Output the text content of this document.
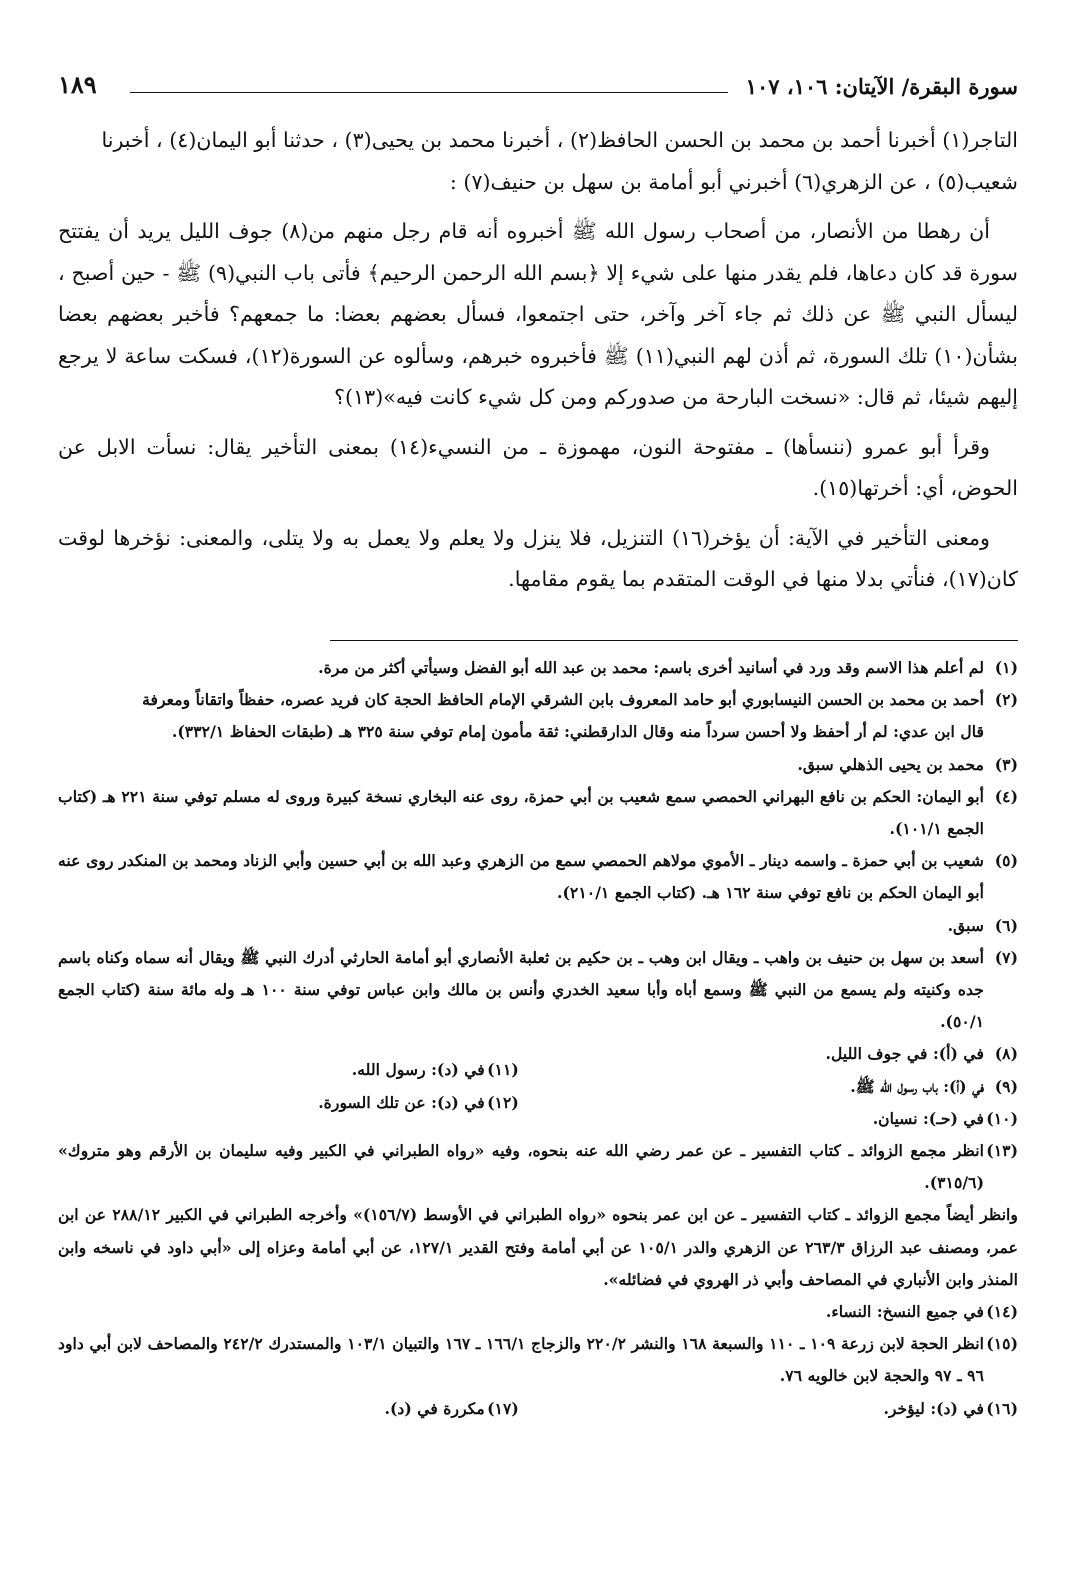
١٨٩	سورة البقرة/ الآيتان: ١٠٦، ١٠٧

التاجر(١) أخبرنا أحمد بن محمد بن الحسن الحافظ(٢) ، أخبرنا محمد بن يحيى(٣) ، حدثنا أبو اليمان(٤) ، أخبرنا
شعيب(٥) ، عن الزهري(٦) أخبرني أبو أمامة بن سهل بن حنيف(٧) :

أن رهطا من الأنصار، من أصحاب رسول الله ﷺ أخبروه أنه قام رجل منهم من(٨) جوف الليل يريد أن يفتتح سورة قد كان دعاها، فلم يقدر منها على شيء إلا ﴿بسم الله الرحمن الرحيم﴾ فأتى باب النبي(٩) ﷺ - حين أصبح ، ليسأل النبي ﷺ عن ذلك ثم جاء آخر وآخر، حتى اجتمعوا، فسأل بعضهم بعضا: ما جمعهم؟ فأخبر بعضهم بعضا بشأن(١٠) تلك السورة، ثم أذن لهم النبي(١١) ﷺ فأخبروه خبرهم، وسألوه عن السورة(١٢)، فسكت ساعة لا يرجع إليهم شيئا، ثم قال: «نسخت البارحة من صدوركم ومن كل شيء كانت فيه»(١٣)؟

وقرأ أبو عمرو (ننسأها) ـ مفتوحة النون، مهموزة ـ من النسيء(١٤) بمعنى التأخير يقال: نسأت الابل عن الحوض، أي: أخرتها(١٥).

ومعنى التأخير في الآية: أن يؤخر(١٦) التنزيل، فلا ينزل ولا يعلم ولا يعمل به ولا يتلى، والمعنى: نؤخرها لوقت كان(١٧)، فنأتي بدلا منها في الوقت المتقدم بما يقوم مقامها.

(١)
لم أعلم هذا الاسم وقد ورد في أسانيد أخرى باسم: محمد بن عبد الله أبو الفضل وسيأتي أكثر من مرة.
(٢)
أحمد بن محمد بن الحسن النيسابوري أبو حامد المعروف بابن الشرقي الإمام الحافظ الحجة كان فريد عصره، حفظاً واتقاناً ومعرفة
قال ابن عدي: لم أر أحفظ ولا أحسن سرداً منه وقال الدارقطني: ثقة مأمون إمام توفي سنة ٣٢٥ هـ (طبقات الحفاظ ٣٣٢/١).
(٣)
محمد بن يحيى الذهلي سبق.
(٤)
أبو اليمان: الحكم بن نافع البهراني الحمصي سمع شعيب بن أبي حمزة، روى عنه البخاري نسخة كبيرة وروى له مسلم توفي سنة ٢٢١ هـ (كتاب الجمع ١٠١/١).
(٥)
شعيب بن أبي حمزة ـ واسمه دينار ـ الأموي مولاهم الحمصي سمع من الزهري وعبد الله بن أبي حسين وأبي الزناد ومحمد بن المنكدر روى عنه أبو اليمان الحكم بن نافع توفي سنة ١٦٢ هـ. (كتاب الجمع ٢١٠/١).
(٦)
سبق.
(٧)
أسعد بن سهل بن حنيف بن واهب ـ ويقال ابن وهب ـ بن حكيم بن ثعلبة الأنصاري أبو أمامة الحارثي أدرك النبي ﷺ ويقال أنه سماه وكناه باسم جده وكنيته ولم يسمع من النبي ﷺ وسمع أباه وأبا سعيد الخدري وأنس بن مالك وابن عباس توفي سنة ١٠٠ هـ وله مائة سنة (كتاب الجمع ٥٠/١).
(٨)
في (أ): في جوف الليل.
(٩)
في (أ): باب رسول الله ﷺ.
(١٠)
في (حـ): نسيان.
(١١)
في (د): رسول الله.
(١٢)
في (د): عن تلك السورة.
(١٣)
انظر مجمع الزوائد ـ كتاب التفسير ـ عن عمر رضي الله عنه بنحوه، وفيه «رواه الطبراني في الكبير وفيه سليمان بن الأرقم وهو متروك» (٣١٥/٦).
وانظر أيضاً مجمع الزوائد ـ كتاب التفسير ـ عن ابن عمر بنحوه «رواه الطبراني في الأوسط (١٥٦/٧)» وأخرجه الطبراني في الكبير ٢٨٨/١٢ عن ابن عمر، ومصنف عبد الرزاق ٢٦٣/٣ عن الزهري والدر ١٠٥/١ عن أبي أمامة وفتح القدير ١٢٧/١، عن أبي أمامة وعزاه إلى «أبي داود في ناسخه وابن المنذر وابن الأنباري في المصاحف وأبي ذر الهروي في فضائله».
(١٤)
في جميع النسخ: النساء.
(١٥)
انظر الحجة لابن زرعة ١٠٩ ـ ١١٠ والسبعة ١٦٨ والنشر ٢٢٠/٢ والزجاج ١٦٦/١ ـ ١٦٧ والتبيان ١٠٣/١ والمستدرك ٢٤٢/٢ والمصاحف لابن أبي داود ٩٦ ـ ٩٧ والحجة لابن خالويه ٧٦.
(١٦)
في (د): ليؤخر.
(١٧)
مكررة في (د).
